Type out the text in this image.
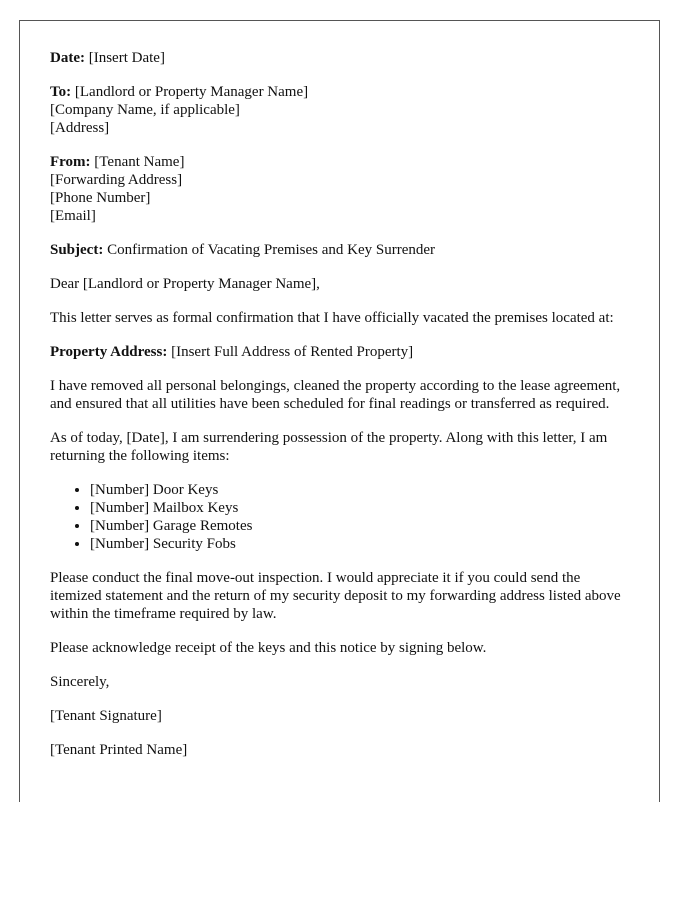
Date: [Insert Date]
To: [Landlord or Property Manager Name]
[Company Name, if applicable]
[Address]
From: [Tenant Name]
[Forwarding Address]
[Phone Number]
[Email]
Subject: Confirmation of Vacating Premises and Key Surrender
Dear [Landlord or Property Manager Name],
This letter serves as formal confirmation that I have officially vacated the premises located at:
Property Address: [Insert Full Address of Rented Property]
I have removed all personal belongings, cleaned the property according to the lease agreement, and ensured that all utilities have been scheduled for final readings or transferred as required.
As of today, [Date], I am surrendering possession of the property. Along with this letter, I am returning the following items:
• [Number] Door Keys
• [Number] Mailbox Keys
• [Number] Garage Remotes
• [Number] Security Fobs
Please conduct the final move-out inspection. I would appreciate it if you could send the itemized statement and the return of my security deposit to my forwarding address listed above within the timeframe required by law.
Please acknowledge receipt of the keys and this notice by signing below.
Sincerely,
[Tenant Signature]
[Tenant Printed Name]
